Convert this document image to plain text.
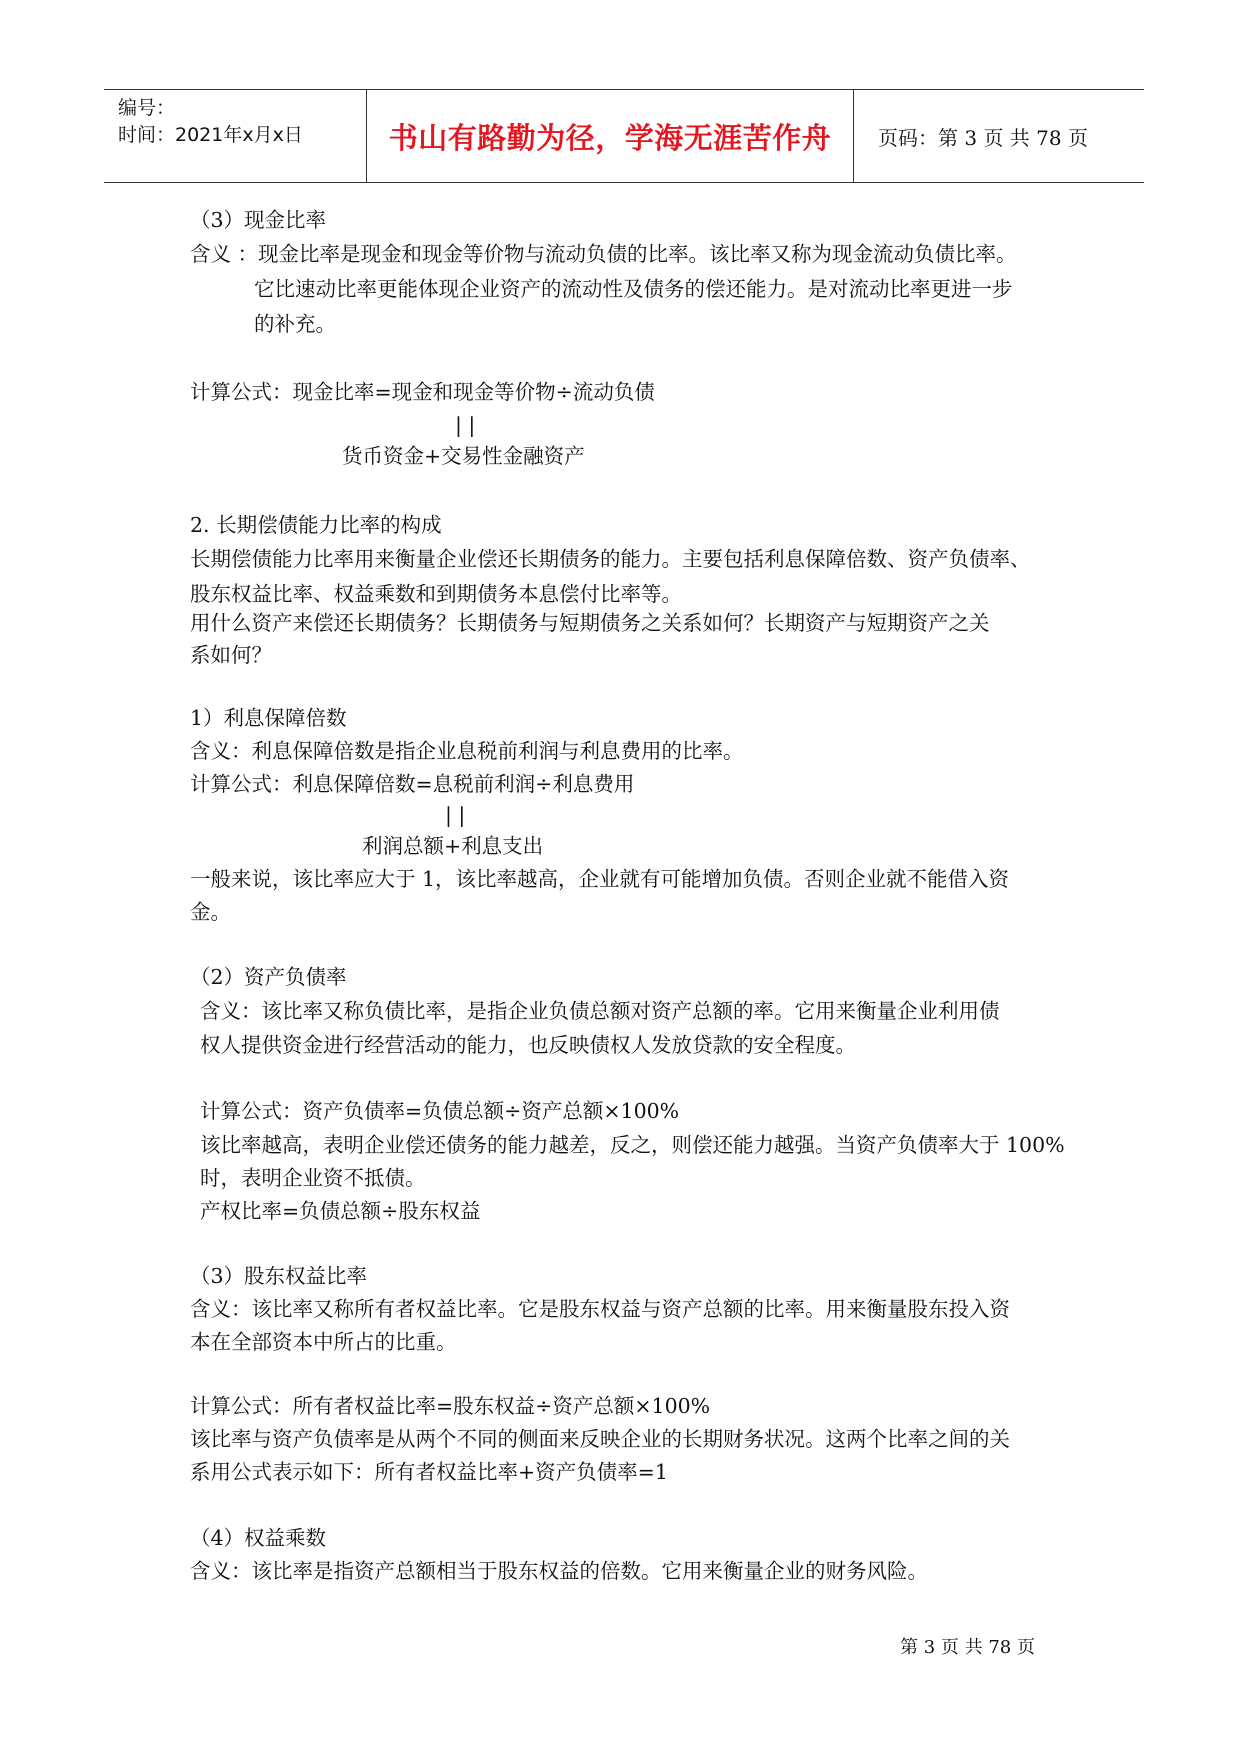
编号：
时间：2021年x月x日	书山有路勤为径，学海无涯苦作舟	页码：第 3 页 共 78 页
（3）现金比率
含义 ：现金比率是现金和现金等价物与流动负债的比率。该比率又称为现金流动负债比率。
它比速动比率更能体现企业资产的流动性及债务的偿还能力。是对流动比率更进一步
的补充。
计算公式：现金比率=现金和现金等价物÷流动负债
| |
货币资金+交易性金融资产
2. 长期偿债能力比率的构成
长期偿债能力比率用来衡量企业偿还长期债务的能力。主要包括利息保障倍数、资产负债率、
股东权益比率、权益乘数和到期债务本息偿付比率等。
用什么资产来偿还长期债务？长期债务与短期债务之关系如何？长期资产与短期资产之关
系如何？
1）利息保障倍数
含义：利息保障倍数是指企业息税前利润与利息费用的比率。
计算公式：利息保障倍数=息税前利润÷利息费用
| |
利润总额+利息支出
一般来说，该比率应大于 1，该比率越高，企业就有可能增加负债。否则企业就不能借入资
金。
（2）资产负债率
含义：该比率又称负债比率，是指企业负债总额对资产总额的率。它用来衡量企业利用债
权人提供资金进行经营活动的能力，也反映债权人发放贷款的安全程度。
计算公式：资产负债率=负债总额÷资产总额×100%
该比率越高，表明企业偿还债务的能力越差，反之，则偿还能力越强。当资产负债率大于 100%
时，表明企业资不抵债。
产权比率=负债总额÷股东权益
（3）股东权益比率
含义：该比率又称所有者权益比率。它是股东权益与资产总额的比率。用来衡量股东投入资
本在全部资本中所占的比重。
计算公式：所有者权益比率=股东权益÷资产总额×100%
该比率与资产负债率是从两个不同的侧面来反映企业的长期财务状况。这两个比率之间的关
系用公式表示如下：所有者权益比率+资产负债率=1
（4）权益乘数
含义：该比率是指资产总额相当于股东权益的倍数。它用来衡量企业的财务风险。
第 3 页 共 78 页
